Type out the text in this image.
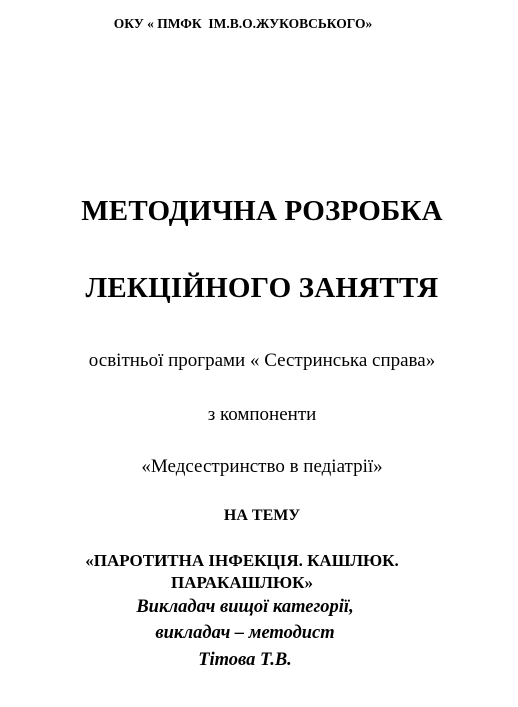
ОКУ « ПМФК  ІМ.В.О.ЖУКОВСЬКОГО»
МЕТОДИЧНА РОЗРОБКА
ЛЕКЦІЙНОГО ЗАНЯТТЯ
освітньої програми « Сестринська справа»
з компоненти
«Медсестринство в педіатрії»
НА ТЕМУ
«ПАРОТИТНА ІНФЕКЦІЯ. КАШЛЮК.
ПАРАКАШЛЮК»
Викладач вищої категорії,
викладач – методист
Тітова Т.В.
